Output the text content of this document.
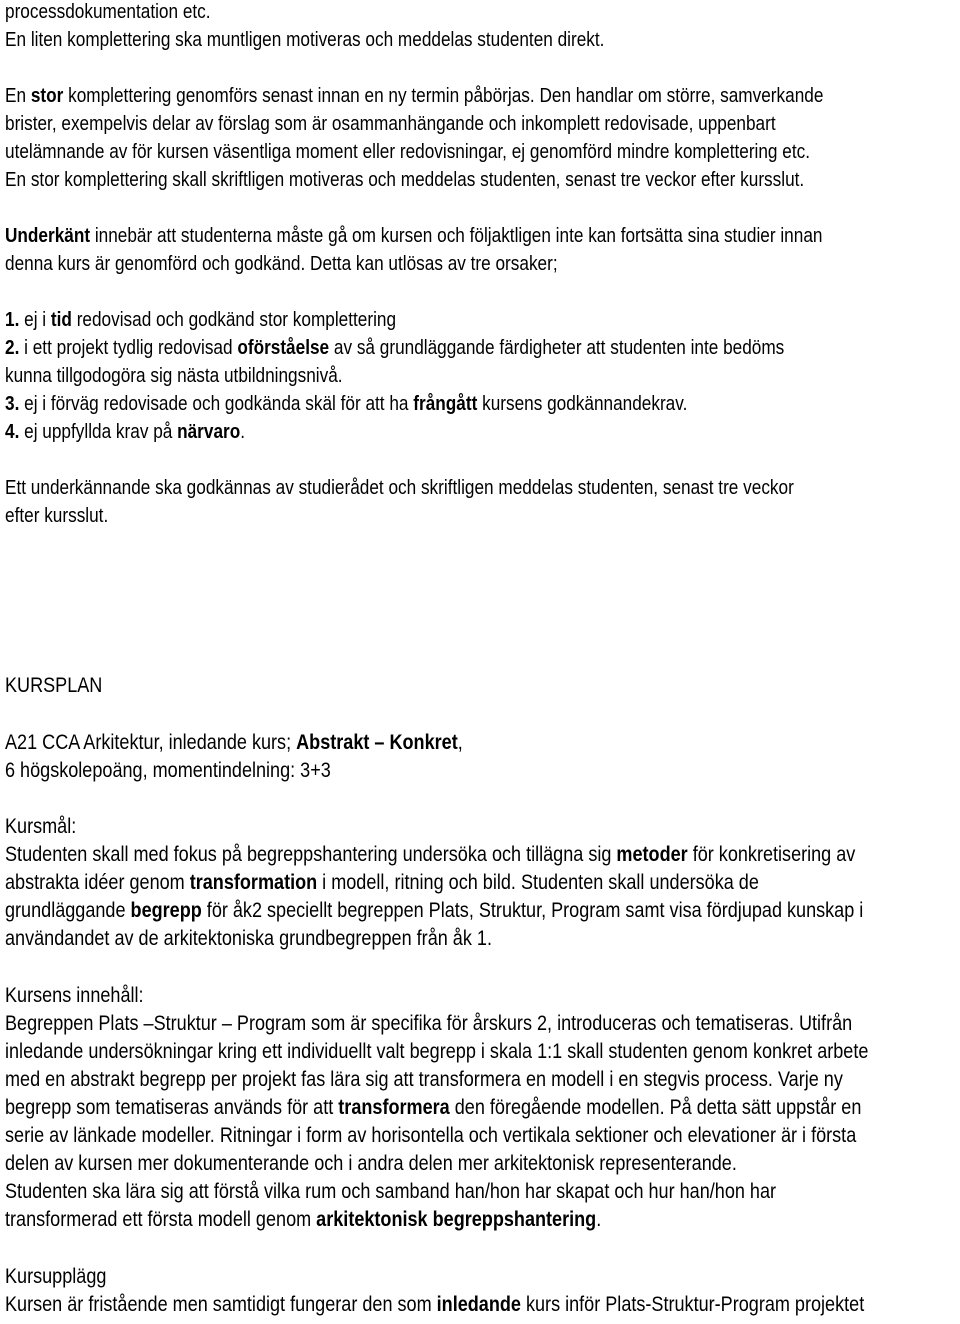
processdokumentation etc.
En liten komplettering ska muntligen motiveras och meddelas studenten direkt.
En stor komplettering genomförs senast innan en ny termin påbörjas. Den handlar om större, samverkande
brister, exempelvis delar av förslag som är osammanhängande och inkomplett redovisade, uppenbart
utelämnande av för kursen väsentliga moment eller redovisningar, ej genomförd mindre komplettering etc.
En stor komplettering skall skriftligen motiveras och meddelas studenten, senast tre veckor efter kursslut.
Underkänt innebär att studenterna måste gå om kursen och följaktligen inte kan fortsätta sina studier innan
denna kurs är genomförd och godkänd. Detta kan utlösas av tre orsaker;
1. ej i tid redovisad och godkänd stor komplettering
2. i ett projekt tydlig redovisad oförståelse av så grundläggande färdigheter att studenten inte bedöms
kunna tillgodogöra sig nästa utbildningsnivå.
3. ej i förväg redovisade och godkända skäl för att ha frångått kursens godkännandekrav.
4. ej uppfyllda krav på närvaro.
Ett underkännande ska godkännas av studierådet och skriftligen meddelas studenten, senast tre veckor
efter kursslut.
KURSPLAN
A21 CCA Arkitektur, inledande kurs; Abstrakt – Konkret,
6 högskolepoäng, momentindelning: 3+3
Kursmål:
Studenten skall med fokus på begreppshantering undersöka och tillägna sig metoder för konkretisering av
abstrakta idéer genom transformation i modell, ritning och bild. Studenten skall undersöka de
grundläggande begrepp för åk2 speciellt begreppen Plats, Struktur, Program samt visa fördjupad kunskap i
användandet av de arkitektoniska grundbegreppen från åk 1.
Kursens innehåll:
Begreppen Plats –Struktur – Program som är specifika för årskurs 2, introduceras och tematiseras. Utifrån
inledande undersökningar kring ett individuellt valt begrepp i skala 1:1 skall studenten genom konkret arbete
med en abstrakt begrepp per projekt fas lära sig att transformera en modell i en stegvis process. Varje ny
begrepp som tematiseras används för att transformera den föregående modellen. På detta sätt uppstår en
serie av länkade modeller. Ritningar i form av horisontella och vertikala sektioner och elevationer är i första
delen av kursen mer dokumenterande och i andra delen mer arkitektonisk representerande.
Studenten ska lära sig att förstå vilka rum och samband han/hon har skapat och hur han/hon har
transformerad ett första modell genom arkitektonisk begreppshantering.
Kursupplägg
Kursen är fristående men samtidigt fungerar den som inledande kurs inför Plats-Struktur-Program projektet
